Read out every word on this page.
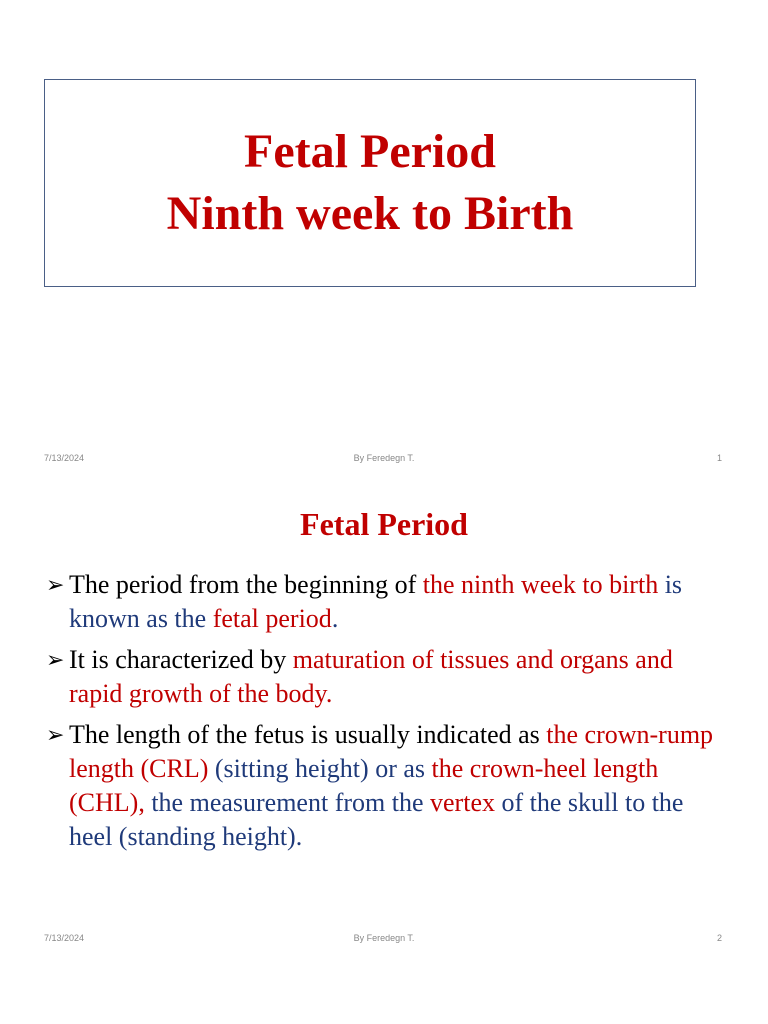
Fetal Period
Ninth week to Birth
7/13/2024	By Feredegn T.	1
Fetal Period
➢ The period from the beginning of the ninth week to birth is known as the fetal period.
➢ It is characterized by maturation of tissues and organs and rapid growth of the body.
➢ The length of the fetus is usually indicated as the crown-rump length (CRL) (sitting height) or as the crown-heel length (CHL), the measurement from the vertex of the skull to the heel (standing height).
7/13/2024	By Feredegn T.	2
